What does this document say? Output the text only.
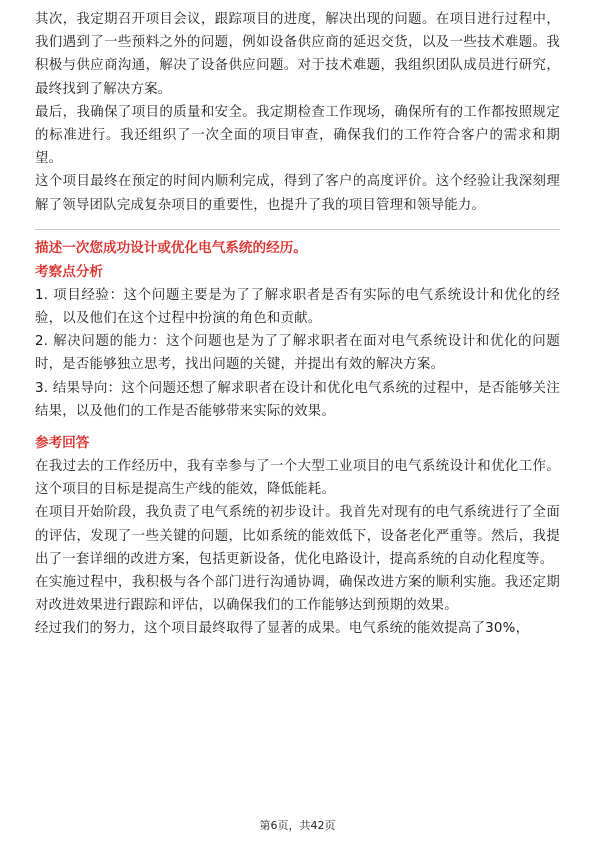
其次，我定期召开项目会议，跟踪项目的进度，解决出现的问题。在项目进行过程中，我们遇到了一些预料之外的问题，例如设备供应商的延迟交货，以及一些技术难题。我积极与供应商沟通，解决了设备供应问题。对于技术难题，我组织团队成员进行研究，最终找到了解决方案。

最后，我确保了项目的质量和安全。我定期检查工作现场，确保所有的工作都按照规定的标准进行。我还组织了一次全面的项目审查，确保我们的工作符合客户的需求和期望。

这个项目最终在预定的时间内顺利完成，得到了客户的高度评价。这个经验让我深刻理解了领导团队完成复杂项目的重要性，也提升了我的项目管理和领导能力。

描述一次您成功设计或优化电气系统的经历。

考察点分析

1. 项目经验：这个问题主要是为了了解求职者是否有实际的电气系统设计和优化的经验，以及他们在这个过程中扮演的角色和贡献。

2. 解决问题的能力：这个问题也是为了了解求职者在面对电气系统设计和优化的问题时，是否能够独立思考，找出问题的关键，并提出有效的解决方案。

3. 结果导向：这个问题还想了解求职者在设计和优化电气系统的过程中，是否能够关注结果，以及他们的工作是否能够带来实际的效果。

参考回答

在我过去的工作经历中，我有幸参与了一个大型工业项目的电气系统设计和优化工作。这个项目的目标是提高生产线的能效，降低能耗。

在项目开始阶段，我负责了电气系统的初步设计。我首先对现有的电气系统进行了全面的评估，发现了一些关键的问题，比如系统的能效低下，设备老化严重等。然后，我提出了一套详细的改进方案，包括更新设备，优化电路设计，提高系统的自动化程度等。

在实施过程中，我积极与各个部门进行沟通协调，确保改进方案的顺利实施。我还定期对改进效果进行跟踪和评估，以确保我们的工作能够达到预期的效果。

经过我们的努力，这个项目最终取得了显著的成果。电气系统的能效提高了30%，

第6页，共42页
